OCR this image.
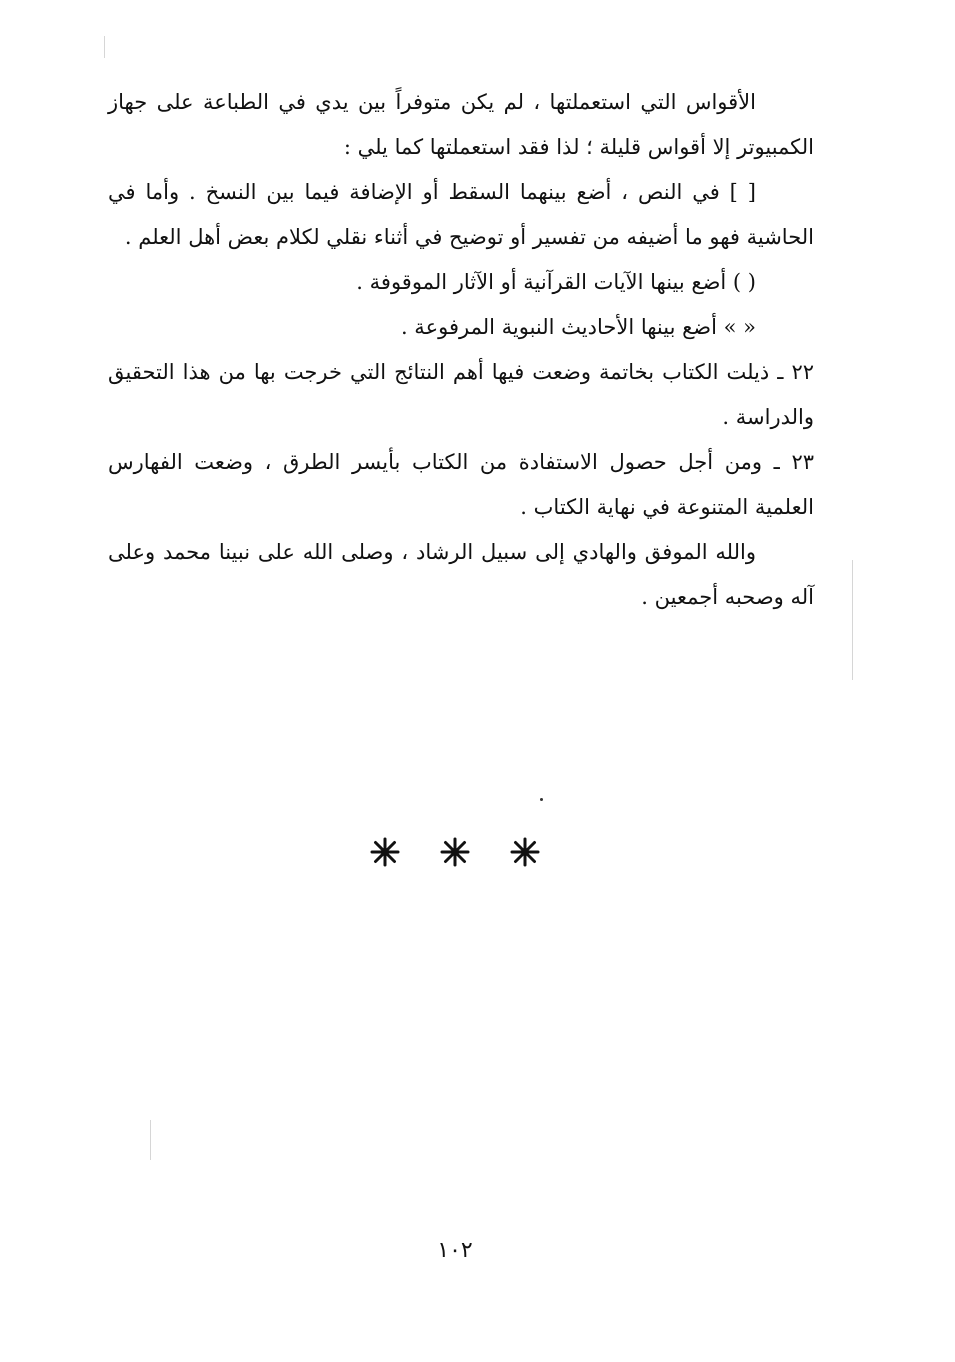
الأقواس التي استعملتها ، لم يكن متوفراً بين يدي في الطباعة على جهاز الكمبيوتر إلا أقواس قليلة ؛ لذا فقد استعملتها كما يلي :

[ ] في النص ، أضع بينهما السقط أو الإضافة فيما بين النسخ . وأما في الحاشية فهو ما أضيفه من تفسير أو توضيح في أثناء نقلي لكلام بعض أهل العلم .

( ) أضع بينها الآيات القرآنية أو الآثار الموقوفة .

« » أضع بينها الأحاديث النبوية المرفوعة .

٢٢ ـ ذيلت الكتاب بخاتمة وضعت فيها أهم النتائج التي خرجت بها من هذا التحقيق والدراسة .

٢٣ ـ ومن أجل حصول الاستفادة من الكتاب بأيسر الطرق ، وضعت الفهارس العلمية المتنوعة في نهاية الكتاب .

والله الموفق والهادي إلى سبيل الرشاد ، وصلى الله على نبينا محمد وعلى آله وصحبه أجمعين .

١٠٢
